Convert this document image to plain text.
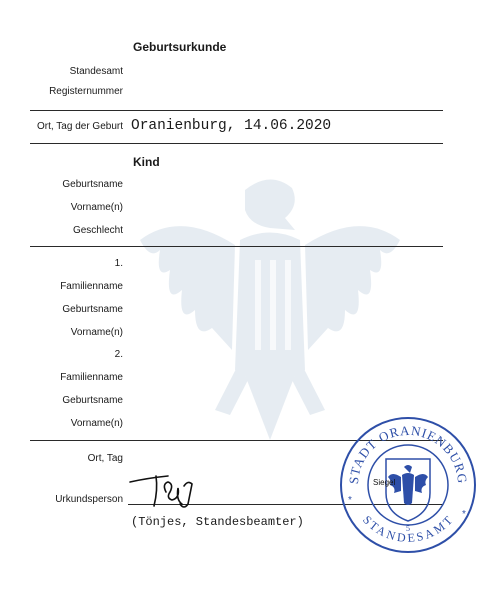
Geburtsurkunde
Standesamt
Registernummer
Ort, Tag der Geburt Oranienburg, 14.06.2020
Kind
Geburtsname
Vorname(n)
Geschlecht
1.
Familienname
Geburtsname
Vorname(n)
2.
Familienname
Geburtsname
Vorname(n)
Ort, Tag
Urkundsperson
(Tönjes, Standesbeamter)
STADT ORANIENBURG
STANDESAMT
5
*
*
Siegel
